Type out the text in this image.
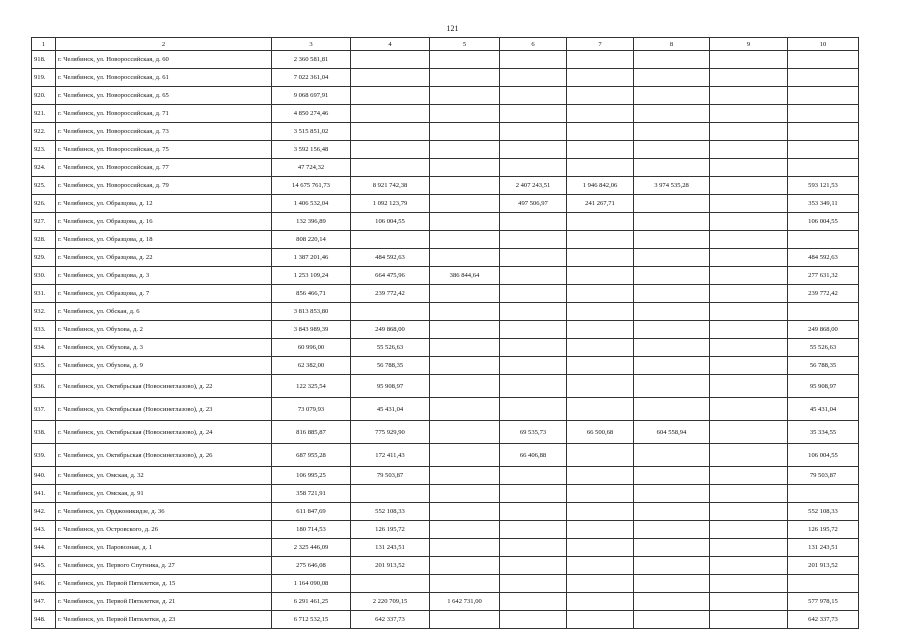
121
1	2	3	4	5	6	7	8	9	10
918.	г. Челябинск, ул. Новороссийская, д. 60	2 360 581,81							
919.	г. Челябинск, ул. Новороссийская, д. 61	7 022 361,04							
920.	г. Челябинск, ул. Новороссийская, д. 65	9 068 697,91							
921.	г. Челябинск, ул. Новороссийская, д. 71	4 850 274,46							
922.	г. Челябинск, ул. Новороссийская, д. 73	3 515 851,02							
923.	г. Челябинск, ул. Новороссийская, д. 75	3 592 156,48							
924.	г. Челябинск, ул. Новороссийская, д. 77	47 724,32							
925.	г. Челябинск, ул. Новороссийская, д. 79	14 675 761,73	8 921 742,38		2 407 243,51	1 946 842,06	3 974 535,28		593 121,53
926.	г. Челябинск, ул. Образцова, д. 12	1 406 532,04	1 092 123,79		497 506,97	241 267,71			353 349,11
927.	г. Челябинск, ул. Образцова, д. 16	132 396,89	106 004,55						106 004,55
928.	г. Челябинск, ул. Образцова, д. 18	808 220,14							
929.	г. Челябинск, ул. Образцова, д. 22	1 387 201,46	484 592,63						484 592,63
930.	г. Челябинск, ул. Образцова, д. 3	1 253 109,24	664 475,96	386 844,64					277 631,32
931.	г. Челябинск, ул. Образцова, д. 7	856 466,71	239 772,42						239 772,42
932.	г. Челябинск, ул. Обская, д. 6	3 813 853,80							
933.	г. Челябинск, ул. Обухова, д. 2	3 843 989,39	249 868,00						249 868,00
934.	г. Челябинск, ул. Обухова, д. 3	60 996,00	55 526,63						55 526,63
935.	г. Челябинск, ул. Обухова, д. 9	62 382,00	56 788,35						56 788,35
936.	г. Челябинск, ул. Октябрьская (Новосинеглазово), д. 22	122 325,54	95 908,97						95 908,97
937.	г. Челябинск, ул. Октябрьская (Новосинеглазово), д. 23	73 079,93	45 431,04						45 431,04
938.	г. Челябинск, ул. Октябрьская (Новосинеглазово), д. 24	816 885,87	775 929,90		69 535,73	66 500,68	604 558,94		35 334,55
939.	г. Челябинск, ул. Октябрьская (Новосинеглазово), д. 26	687 955,28	172 411,43		66 406,88				106 004,55
940.	г. Челябинск, ул. Омская, д. 32	106 995,25	79 503,87						79 503,87
941.	г. Челябинск, ул. Омская, д. 91	358 721,91							
942.	г. Челябинск, ул. Орджоникидзе, д. 36	611 847,69	552 108,33						552 108,33
943.	г. Челябинск, ул. Островского, д. 26	180 714,53	126 195,72						126 195,72
944.	г. Челябинск, ул. Паровозная, д. 1	2 325 446,09	131 243,51						131 243,51
945.	г. Челябинск, ул. Первого Спутника, д. 27	275 646,08	201 913,52						201 913,52
946.	г. Челябинск, ул. Первой Пятилетки, д. 15	1 164 090,08							
947.	г. Челябинск, ул. Первой Пятилетки, д. 21	6 291 461,25	2 220 709,15	1 642 731,00					577 978,15
948.	г. Челябинск, ул. Первой Пятилетки, д. 23	6 712 532,15	642 337,73						642 337,73
